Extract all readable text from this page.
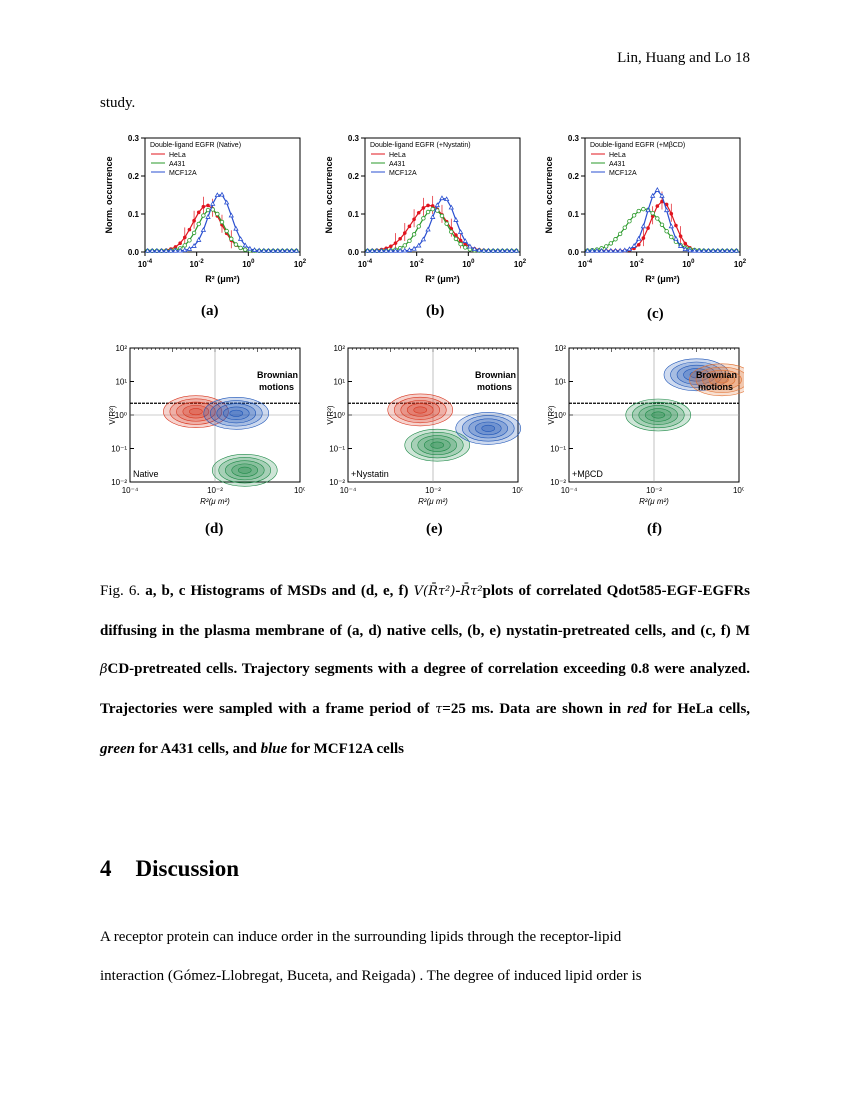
Lin, Huang and Lo 18
study.
0.0
0.1
0.2
0.3
$10^{-4}$	$10^{-2}$	$10^0$	$10^2$
Norm. occurrence
R² (μm²)
Double-ligand EGFR (Native)
HeLa
A431
MCF12A
0.0
0.1
0.2
0.3
$10^{-4}$	$10^{-2}$	$10^0$	$10^2$
Norm. occurrence
R² (μm²)
Double-ligand EGFR (+Nystatin)
HeLa
A431
MCF12A
0.0
0.1
0.2
0.3
$10^{-4}$	$10^{-2}$	$10^0$	$10^2$
Norm. occurrence
R² (μm²)
Double-ligand EGFR (+MβCD)
HeLa
A431
MCF12A
(a)	(b)	(c)
10²
10¹
10⁰
10⁻¹
10⁻²
10⁻⁴	10⁻²	10⁰
V(R²)
R²(μ m²)
Brownian
motions
Native
10²
10¹
10⁰
10⁻¹
10⁻²
10⁻⁴	10⁻²	10⁰
V(R²)
R²(μ m²)
Brownian
motions
+Nystatin
10²
10¹
10⁰
10⁻¹
10⁻²
10⁻⁴	10⁻²	10⁰
V(R²)
R²(μ m²)
Brownian
motions
+MβCD
(d)	(e)	(f)
Fig. 6. a, b, c Histograms of MSDs and (d, e, f) V(R̄τ²)-R̄τ²plots of correlated Qdot585-EGF-EGFRs diffusing in the plasma membrane of (a, d) native cells, (b, e) nystatin-pretreated cells, and (c, f) M βCD-pretreated cells. Trajectory segments with a degree of correlation exceeding 0.8 were analyzed. Trajectories were sampled with a frame period of τ=25 ms. Data are shown in red for HeLa cells, green for A431 cells, and blue for MCF12A cells
4 Discussion
A receptor protein can induce order in the surrounding lipids through the receptor-lipid
interaction (Gómez-Llobregat, Buceta, and Reigada) . The degree of induced lipid order is
